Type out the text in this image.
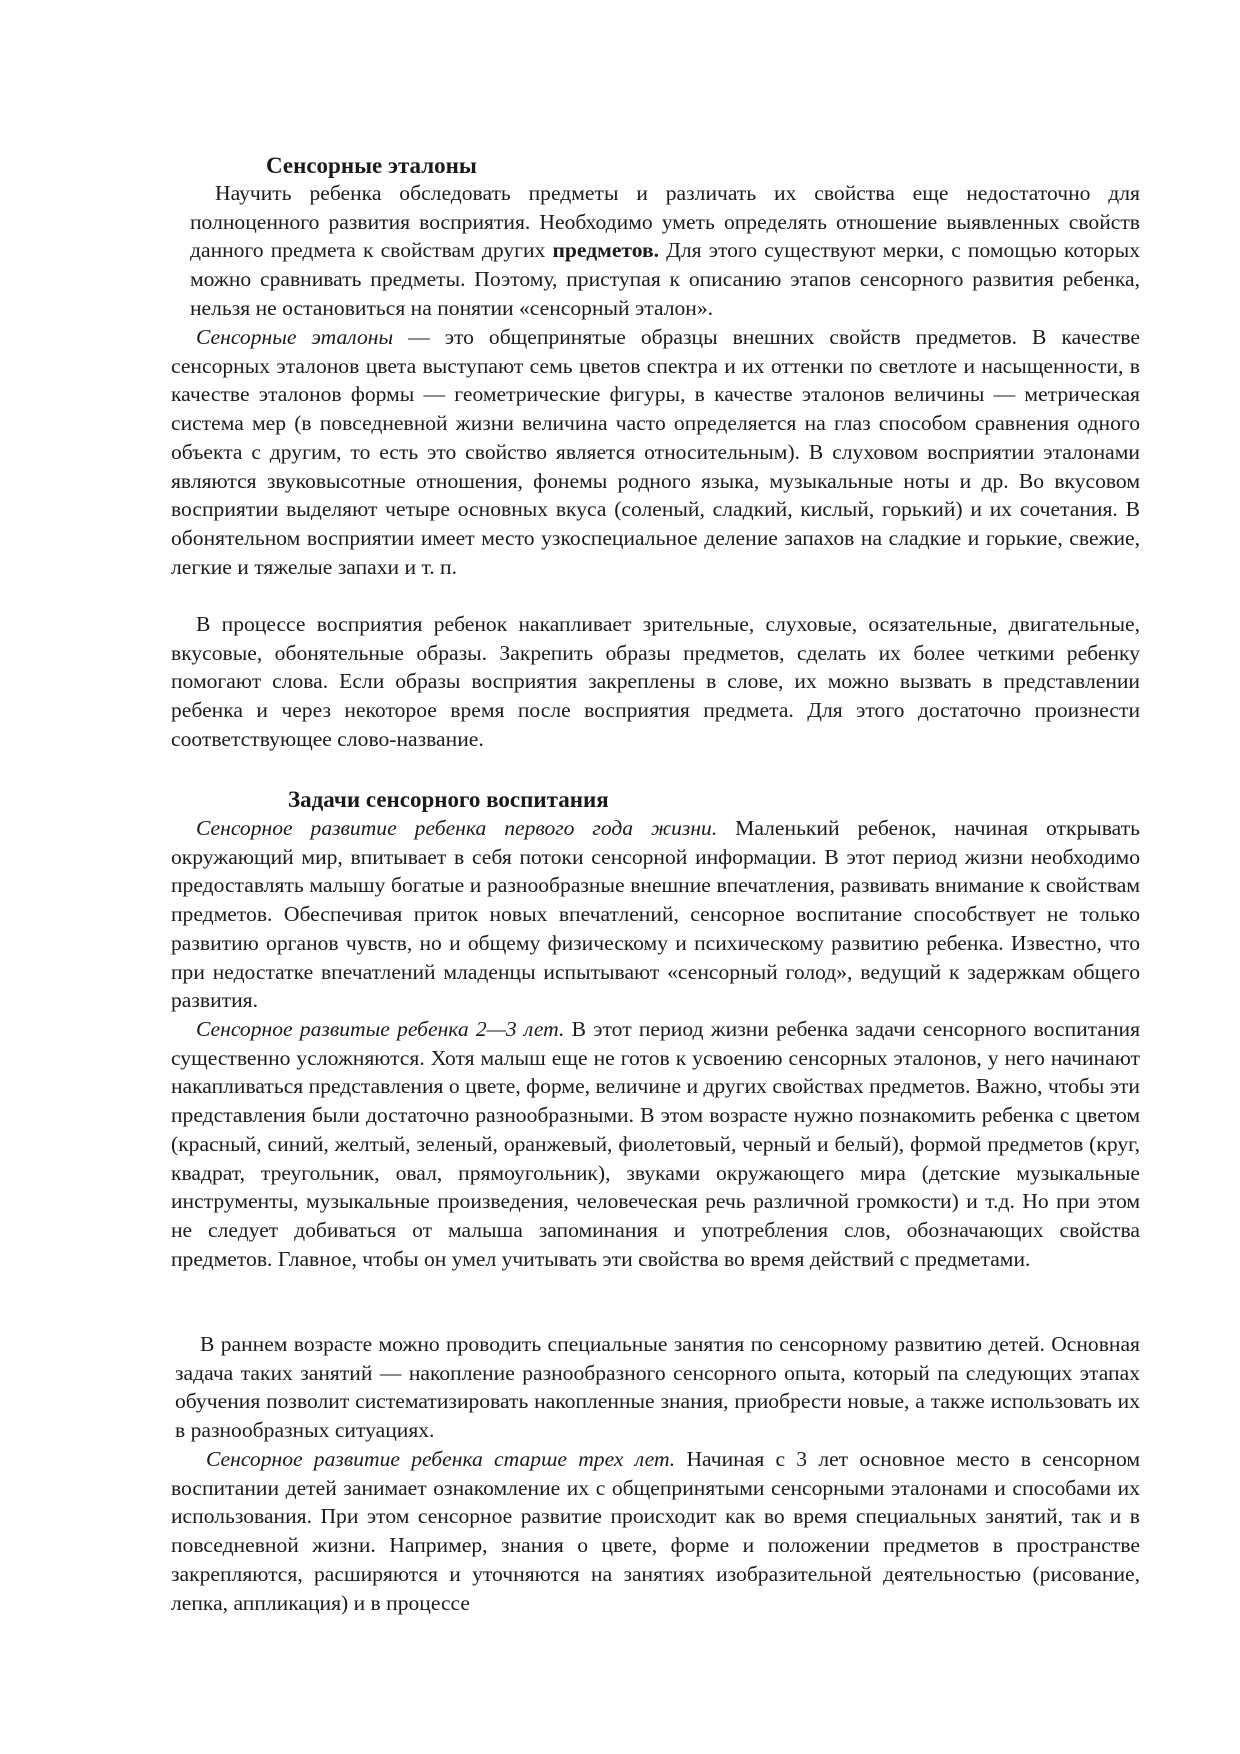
Сенсорные эталоны

Научить ребенка обследовать предметы и различать их свойства еще недостаточно для полноценного развития восприятия. Необходимо уметь определять отношение выявленных свойств данного предмета к свойствам других предметов. Для этого существуют мерки, с помощью которых можно сравнивать предметы. Поэтому, приступая к описанию этапов сенсорного развития ребенка, нельзя не остановиться на понятии «сенсорный эталон».

Сенсорные эталоны — это общепринятые образцы внешних свойств предметов. В качестве сенсорных эталонов цвета выступают семь цветов спектра и их оттенки по светлоте и насыщенности, в качестве эталонов формы — геометрические фигуры, в качестве эталонов величины — метрическая система мер (в повседневной жизни величина часто определяется на глаз способом сравнения одного объекта с другим, то есть это свойство является относительным). В слуховом восприятии эталонами являются звуковысотные отношения, фонемы родного языка, музыкальные ноты и др. Во вкусовом восприятии выделяют четыре основных вкуса (соленый, сладкий, кислый, горький) и их сочетания. В обонятельном восприятии имеет место узкоспециальное деление запахов на сладкие и горькие, свежие, легкие и тяжелые запахи и т. п.

В процессе восприятия ребенок накапливает зрительные, слуховые, осязательные, двигательные, вкусовые, обонятельные образы. Закрепить образы предметов, сделать их более четкими ребенку помогают слова. Если образы восприятия закреплены в слове, их можно вызвать в представлении ребенка и через некоторое время после восприятия предмета. Для этого достаточно произнести соответствующее слово-название.

Задачи сенсорного воспитания

Сенсорное развитие ребенка первого года жизни. Маленький ребенок, начиная открывать окружающий мир, впитывает в себя потоки сенсорной информации. В этот период жизни необходимо предоставлять малышу богатые и разнообразные внешние впечатления, развивать внимание к свойствам предметов. Обеспечивая приток новых впечатлений, сенсорное воспитание способствует не только развитию органов чувств, но и общему физическому и психическому развитию ребенка. Известно, что при недостатке впечатлений младенцы испытывают «сенсорный голод», ведущий к задержкам общего развития.

Сенсорное развитые ребенка 2—3 лет. В этот период жизни ребенка задачи сенсорного воспитания существенно усложняются. Хотя малыш еще не готов к усвоению сенсорных эталонов, у него начинают накапливаться представления о цвете, форме, величине и других свойствах предметов. Важно, чтобы эти представления были достаточно разнообразными. В этом возрасте нужно познакомить ребенка с цветом (красный, синий, желтый, зеленый, оранжевый, фиолетовый, черный и белый), формой предметов (круг, квадрат, треугольник, овал, прямоугольник), звуками окружающего мира (детские музыкальные инструменты, музыкальные произведения, человеческая речь различной громкости) и т.д. Но при этом не следует добиваться от малыша запоминания и употребления слов, обозначающих свойства предметов. Главное, чтобы он умел учитывать эти свойства во время действий с предметами.

В раннем возрасте можно проводить специальные занятия по сенсорному развитию детей. Основная задача таких занятий — накопление разнообразного сенсорного опыта, который па следующих этапах обучения позволит систематизировать накопленные знания, приобрести новые, а также использовать их в разнообразных ситуациях.

Сенсорное развитие ребенка старше трех лет. Начиная с 3 лет основное место в сенсорном воспитании детей занимает ознакомление их с общепринятыми сенсорными эталонами и способами их использования. При этом сенсорное развитие происходит как во время специальных занятий, так и в повседневной жизни. Например, знания о цвете, форме и положении предметов в пространстве закрепляются, расширяются и уточняются на занятиях изобразительной деятельностью (рисование, лепка, аппликация) и в процессе
